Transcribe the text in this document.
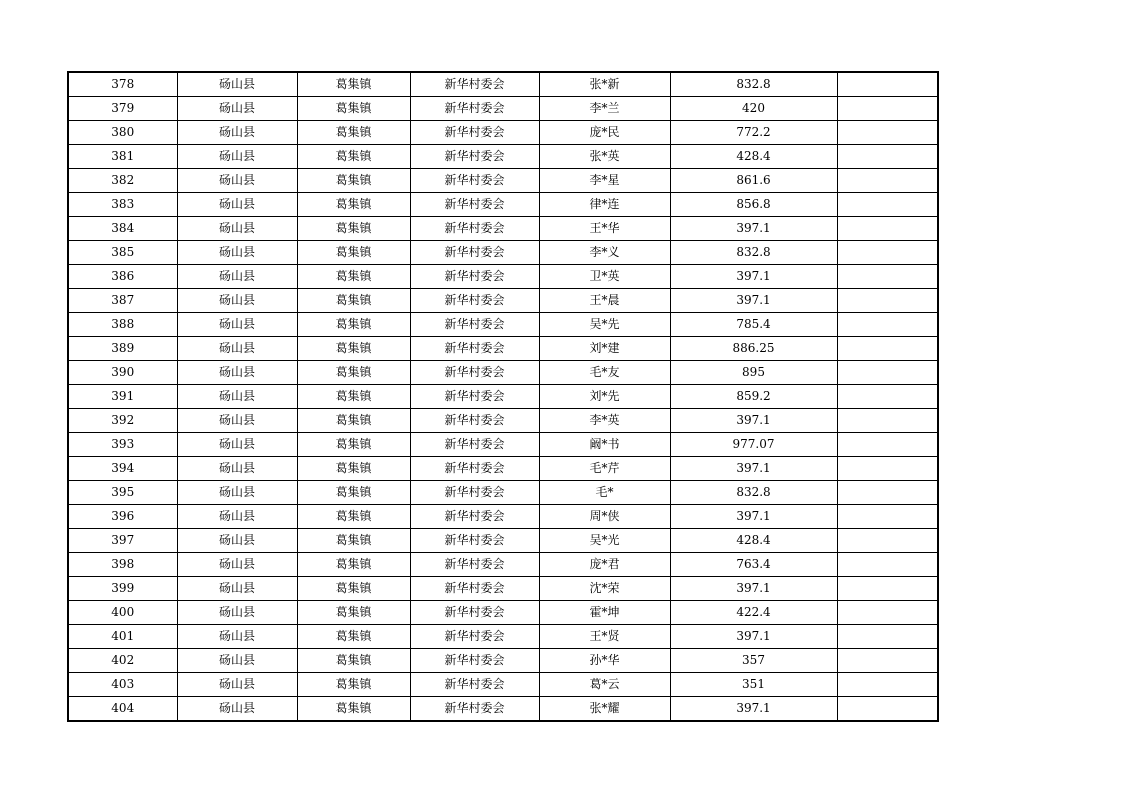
378	砀山县	葛集镇	新华村委会	张*新	832.8	
379	砀山县	葛集镇	新华村委会	李*兰	420	
380	砀山县	葛集镇	新华村委会	庞*民	772.2	
381	砀山县	葛集镇	新华村委会	张*英	428.4	
382	砀山县	葛集镇	新华村委会	李*星	861.6	
383	砀山县	葛集镇	新华村委会	律*连	856.8	
384	砀山县	葛集镇	新华村委会	王*华	397.1	
385	砀山县	葛集镇	新华村委会	李*义	832.8	
386	砀山县	葛集镇	新华村委会	卫*英	397.1	
387	砀山县	葛集镇	新华村委会	王*晨	397.1	
388	砀山县	葛集镇	新华村委会	吴*先	785.4	
389	砀山县	葛集镇	新华村委会	刘*建	886.25	
390	砀山县	葛集镇	新华村委会	毛*友	895	
391	砀山县	葛集镇	新华村委会	刘*先	859.2	
392	砀山县	葛集镇	新华村委会	李*英	397.1	
393	砀山县	葛集镇	新华村委会	阚*书	977.07	
394	砀山县	葛集镇	新华村委会	毛*芹	397.1	
395	砀山县	葛集镇	新华村委会	毛*	832.8	
396	砀山县	葛集镇	新华村委会	周*侠	397.1	
397	砀山县	葛集镇	新华村委会	吴*光	428.4	
398	砀山县	葛集镇	新华村委会	庞*君	763.4	
399	砀山县	葛集镇	新华村委会	沈*荣	397.1	
400	砀山县	葛集镇	新华村委会	霍*坤	422.4	
401	砀山县	葛集镇	新华村委会	王*贤	397.1	
402	砀山县	葛集镇	新华村委会	孙*华	357	
403	砀山县	葛集镇	新华村委会	葛*云	351	
404	砀山县	葛集镇	新华村委会	张*耀	397.1	
